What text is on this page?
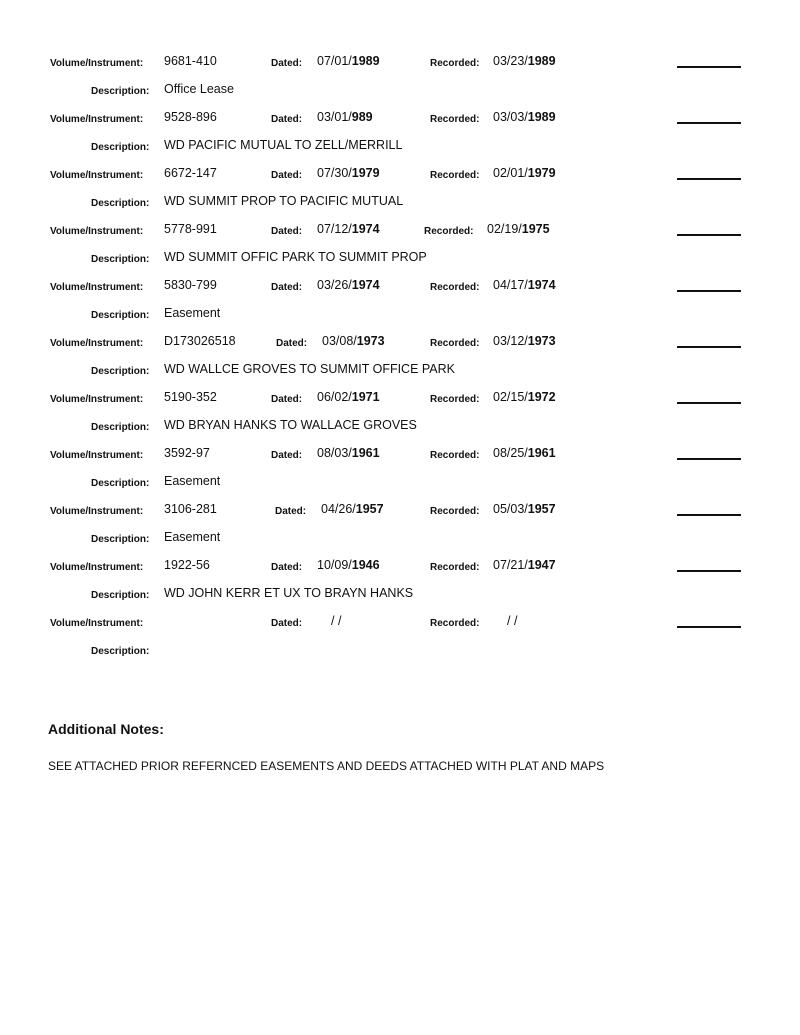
Volume/Instrument: 9681-410	Dated: 07/01/1989	Recorded: 03/23/1989
Description: Office Lease
Volume/Instrument: 9528-896	Dated: 03/01/989	Recorded: 03/03/1989
Description: WD PACIFIC MUTUAL TO ZELL/MERRILL
Volume/Instrument: 6672-147	Dated: 07/30/1979	Recorded: 02/01/1979
Description: WD SUMMIT PROP TO PACIFIC MUTUAL
Volume/Instrument: 5778-991	Dated: 07/12/1974	Recorded: 02/19/1975
Description: WD SUMMIT OFFIC PARK TO SUMMIT PROP
Volume/Instrument: 5830-799	Dated: 03/26/1974	Recorded: 04/17/1974
Description: Easement
Volume/Instrument: D173026518	Dated: 03/08/1973	Recorded: 03/12/1973
Description: WD WALLCE GROVES TO SUMMIT OFFICE PARK
Volume/Instrument: 5190-352	Dated: 06/02/1971	Recorded: 02/15/1972
Description: WD BRYAN HANKS TO WALLACE GROVES
Volume/Instrument: 3592-97	Dated: 08/03/1961	Recorded: 08/25/1961
Description: Easement
Volume/Instrument: 3106-281	Dated: 04/26/1957	Recorded: 05/03/1957
Description: Easement
Volume/Instrument: 1922-56	Dated: 10/09/1946	Recorded: 07/21/1947
Description: WD JOHN KERR ET UX TO BRAYN HANKS
Volume/Instrument:	Dated: / /	Recorded: / /
Description:
Additional Notes:
SEE ATTACHED PRIOR REFERNCED EASEMENTS AND DEEDS ATTACHED WITH PLAT AND MAPS
